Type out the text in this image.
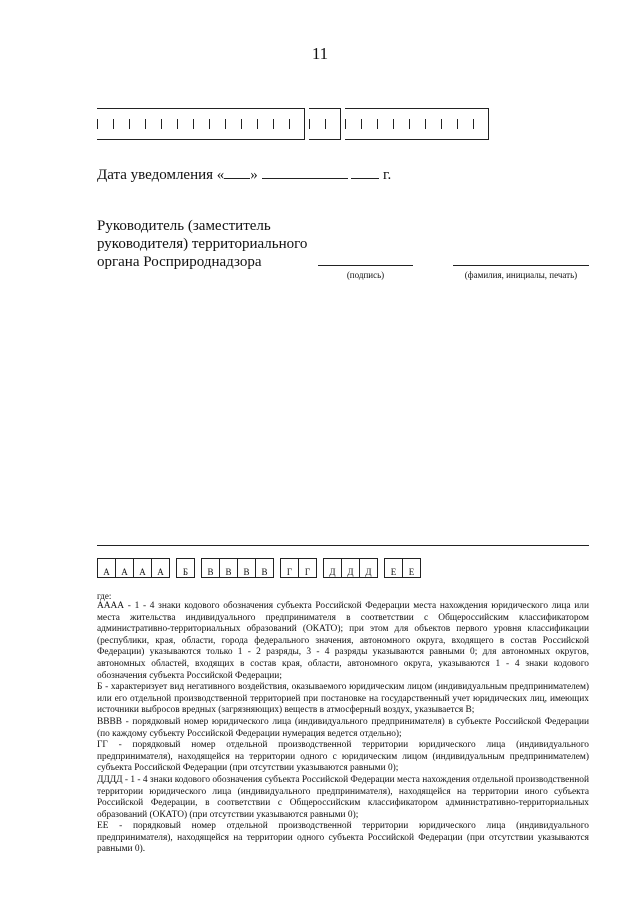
11
Дата уведомления « »	г.
Руководитель (заместитель руководителя) территориального органа Росприроднадзора
(подпись)	(фамилия, инициалы, печать)
А	А	А	А	Б	В	В	В	В	Г	Г	Д	Д	Д	Е	Е
где:

АААА - 1 - 4 знаки кодового обозначения субъекта Российской Федерации места нахождения юридического лица или места жительства индивидуального предпринимателя в соответствии с Общероссийским классификатором административно-территориальных образований (ОКАТО); при этом для объектов первого уровня классификации (республики, края, области, города федерального значения, автономного округа, входящего в состав Российской Федерации) указываются только 1 - 2 разряды, 3 - 4 разряды указываются равными 0; для автономных округов, автономных областей, входящих в состав края, области, автономного округа, указываются 1 - 4 знаки кодового обозначения субъекта Российской Федерации;

Б - характеризует вид негативного воздействия, оказываемого юридическим лицом (индивидуальным предпринимателем) или его отдельной производственной территорией при постановке на государственный учет юридических лиц, имеющих источники выбросов вредных (загрязняющих) веществ в атмосферный воздух, указывается В;

ВВВВ - порядковый номер юридического лица (индивидуального предпринимателя) в субъекте Российской Федерации (по каждому субъекту Российской Федерации нумерация ведется отдельно);

ГГ - порядковый номер отдельной производственной территории юридического лица (индивидуального предпринимателя), находящейся на территории одного с юридическим лицом (индивидуальным предпринимателем) субъекта Российской Федерации (при отсутствии указываются равными 0);

ДДДД - 1 - 4 знаки кодового обозначения субъекта Российской Федерации места нахождения отдельной производственной территории юридического лица (индивидуального предпринимателя), находящейся на территории иного субъекта Российской Федерации, в соответствии с Общероссийским классификатором административно-территориальных образований (ОКАТО) (при отсутствии указываются равными 0);

ЕЕ - порядковый номер отдельной производственной территории юридического лица (индивидуального предпринимателя), находящейся на территории одного субъекта Российской Федерации (при отсутствии указываются равными 0).
